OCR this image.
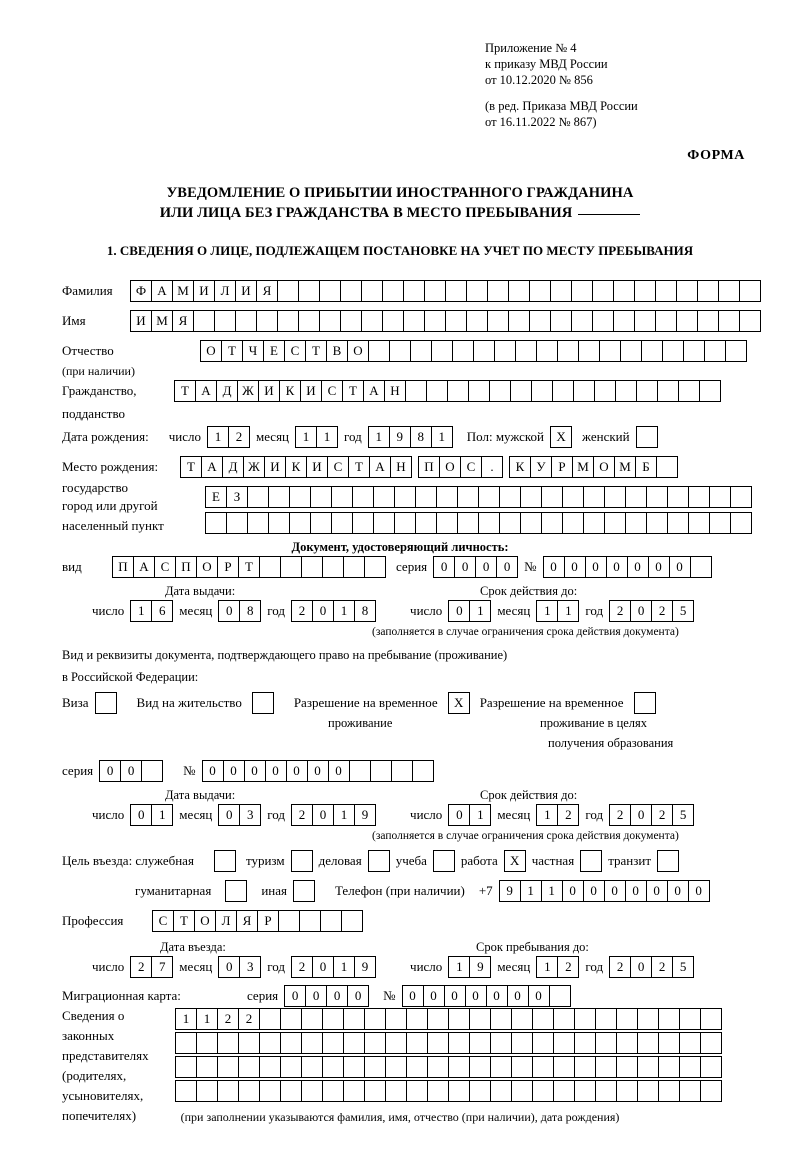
Приложение № 4
к приказу МВД России
от 10.12.2020 № 856
(в ред. Приказа МВД России
от 16.11.2022 № 867)
ФОРМА
УВЕДОМЛЕНИЕ О ПРИБЫТИИ ИНОСТРАННОГО ГРАЖДАНИНА
ИЛИ ЛИЦА БЕЗ ГРАЖДАНСТВА В МЕСТО ПРЕБЫВАНИЯ
1. СВЕДЕНИЯ О ЛИЦЕ, ПОДЛЕЖАЩЕМ ПОСТАНОВКЕ НА УЧЕТ ПО МЕСТУ ПРЕБЫВАНИЯ
Фамилия	Ф А М И Л И Я
Имя	И М Я
Отчество	О Т Ч Е С Т В О
(при наличии)
Гражданство,	Т А Д Ж И К И С Т А Н
подданство
Дата рождения: число	1	2	месяц	1	1	год	1	9	8	1	Пол: мужской Х	женский
Место рождения:	Т А Д Ж И К И С Т А Н	П О С	.	К У Р М О М Б
государство
Е	З
город или другой
населенный пункт
Документ, удостоверяющий личность:
вид	П А С П О Р	Т	серия	0	0	0	0	№	0	0	0	0	0	0	0
Дата выдачи:	Срок действия до:
число	1	6	месяц	0	8	год	2	0	1	8	число	0	1	месяц	1	1	год	2	0	2	5
(заполняется в случае ограничения срока действия документа)
Вид и реквизиты документа, подтверждающего право на пребывание (проживание)
в Российской Федерации:
Виза	Вид на жительство	Разрешение на временное	Х	Разрешение на временное
проживание	проживание в целях
получения образования
серия	0	0	№	0	0	0	0	0	0	0
Дата выдачи:	Срок действия до:
число	0	1	месяц	0	3	год	2	0	1	9	число	0	1	месяц	1	2	год	2	0	2	5
(заполняется в случае ограничения срока действия документа)
Цель въезда: служебная	туризм	деловая	учеба	работа Х частная	транзит
гуманитарная	иная	Телефон (при наличии) +7	9	1	1	0	0	0	0	0	0	0
Профессия	С Т О Л Я	Р
Дата въезда:	Срок пребывания до:
число	2	7	месяц	0	3	год	2	0	1	9	число	1	9	месяц	1	2	год	2	0	2	5
Миграционная карта:	серия	0	0	0	0	№	0	0	0	0	0	0	0
Сведения о
законных
представителях
(родителях,
усыновителях,
попечителях)
1	1	2	2
(при заполнении указываются фамилия, имя, отчество (при наличии), дата рождения)
